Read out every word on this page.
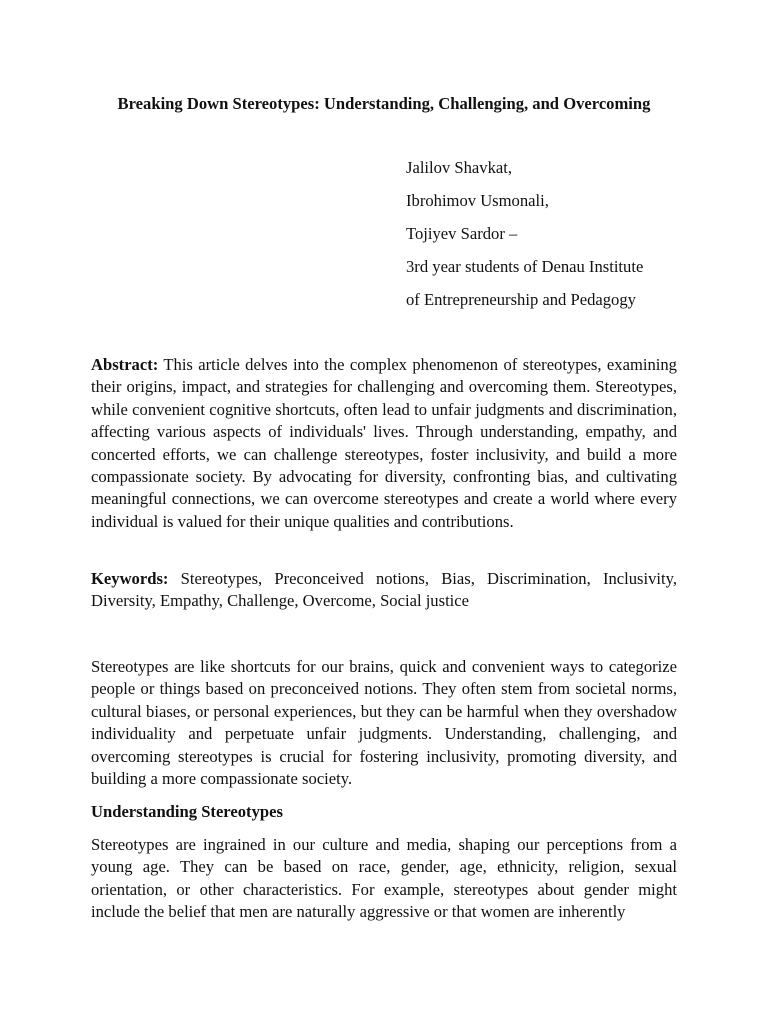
Breaking Down Stereotypes: Understanding, Challenging, and Overcoming
Jalilov Shavkat,
Ibrohimov Usmonali,
Tojiyev Sardor –
3rd year students of Denau Institute
of Entrepreneurship and Pedagogy

Abstract: This article delves into the complex phenomenon of stereotypes, examining their origins, impact, and strategies for challenging and overcoming them. Stereotypes, while convenient cognitive shortcuts, often lead to unfair judgments and discrimination, affecting various aspects of individuals' lives. Through understanding, empathy, and concerted efforts, we can challenge stereotypes, foster inclusivity, and build a more compassionate society. By advocating for diversity, confronting bias, and cultivating meaningful connections, we can overcome stereotypes and create a world where every individual is valued for their unique qualities and contributions.

Keywords: Stereotypes, Preconceived notions, Bias, Discrimination, Inclusivity, Diversity, Empathy, Challenge, Overcome, Social justice

Stereotypes are like shortcuts for our brains, quick and convenient ways to categorize people or things based on preconceived notions. They often stem from societal norms, cultural biases, or personal experiences, but they can be harmful when they overshadow individuality and perpetuate unfair judgments. Understanding, challenging, and overcoming stereotypes is crucial for fostering inclusivity, promoting diversity, and building a more compassionate society.

Understanding Stereotypes

Stereotypes are ingrained in our culture and media, shaping our perceptions from a young age. They can be based on race, gender, age, ethnicity, religion, sexual orientation, or other characteristics. For example, stereotypes about gender might include the belief that men are naturally aggressive or that women are inherently
